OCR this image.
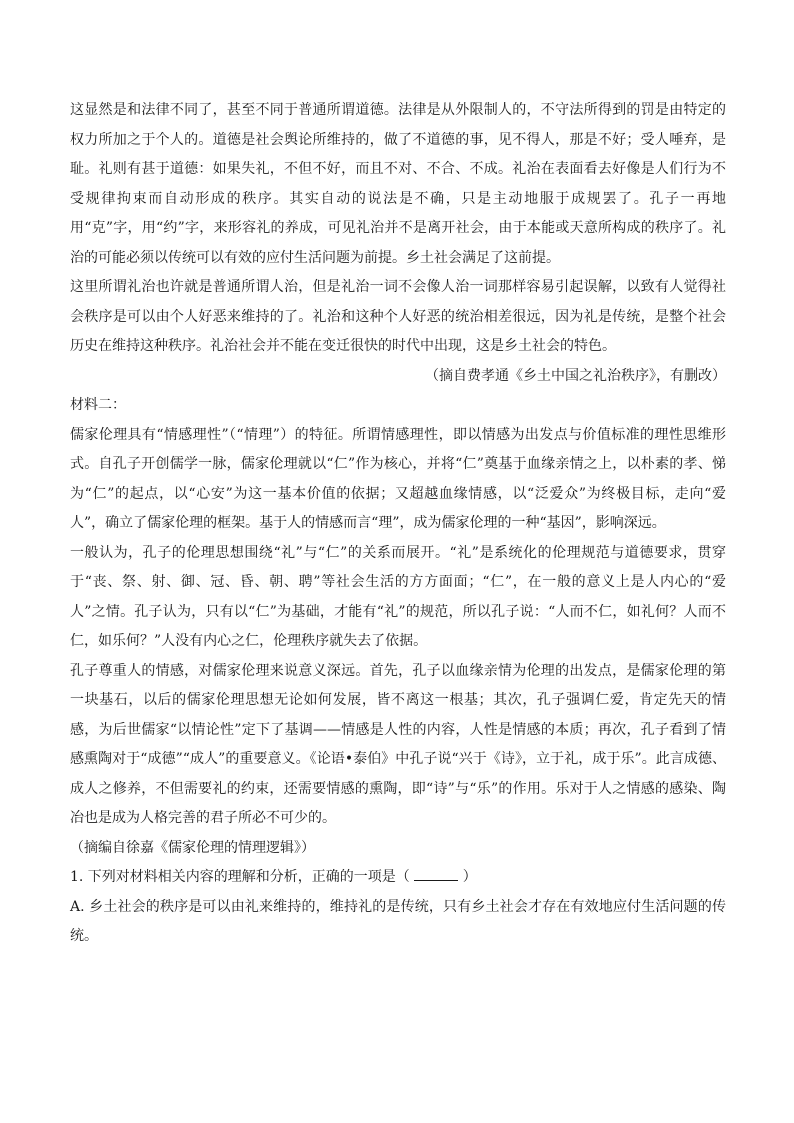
这显然是和法律不同了，甚至不同于普通所谓道德。法律是从外限制人的，不守法所得到的罚是由特定的权力所加之于个人的。道德是社会舆论所维持的，做了不道德的事，见不得人，那是不好；受人唾弃，是耻。礼则有甚于道德：如果失礼，不但不好，而且不对、不合、不成。礼治在表面看去好像是人们行为不受规律拘束而自动形成的秩序。其实自动的说法是不确，只是主动地服于成规罢了。孔子一再地用“克”字，用“约”字，来形容礼的养成，可见礼治并不是离开社会，由于本能或天意所构成的秩序了。礼治的可能必须以传统可以有效的应付生活问题为前提。乡土社会满足了这前提。

这里所谓礼治也许就是普通所谓人治，但是礼治一词不会像人治一词那样容易引起误解，以致有人觉得社会秩序是可以由个人好恶来维持的了。礼治和这种个人好恶的统治相差很远，因为礼是传统，是整个社会历史在维持这种秩序。礼治社会并不能在变迁很快的时代中出现，这是乡土社会的特色。

（摘自费孝通《乡土中国之礼治秩序》，有删改）

材料二：

儒家伦理具有“情感理性”（“情理”）的特征。所谓情感理性，即以情感为出发点与价值标准的理性思维形式。自孔子开创儒学一脉，儒家伦理就以“仁”作为核心，并将“仁”奠基于血缘亲情之上，以朴素的孝、悌为“仁”的起点，以“心安”为这一基本价值的依据；又超越血缘情感，以“泛爱众”为终极目标，走向“爱人”，确立了儒家伦理的框架。基于人的情感而言“理”，成为儒家伦理的一种“基因”，影响深远。

一般认为，孔子的伦理思想围绕“礼”与“仁”的关系而展开。“礼”是系统化的伦理规范与道德要求，贯穿于“丧、祭、射、御、冠、昏、朝、聘”等社会生活的方方面面；“仁”，在一般的意义上是人内心的“爱人”之情。孔子认为，只有以“仁”为基础，才能有“礼”的规范，所以孔子说：“人而不仁，如礼何？人而不仁，如乐何？”人没有内心之仁，伦理秩序就失去了依据。

孔子尊重人的情感，对儒家伦理来说意义深远。首先，孔子以血缘亲情为伦理的出发点，是儒家伦理的第一块基石，以后的儒家伦理思想无论如何发展，皆不离这一根基；其次，孔子强调仁爱，肯定先天的情感，为后世儒家“以情论性”定下了基调——情感是人性的内容，人性是情感的本质；再次，孔子看到了情感熏陶对于“成德”“成人”的重要意义。《论语•泰伯》中孔子说“兴于《诗》，立于礼，成于乐”。此言成德、成人之修养，不但需要礼的约束，还需要情感的熏陶，即“诗”与“乐”的作用。乐对于人之情感的感染、陶冶也是成为人格完善的君子所必不可少的。

（摘编自徐嘉《儒家伦理的情理逻辑》）

1. 下列对材料相关内容的理解和分析，正确的一项是（	）

A. 乡土社会的秩序是可以由礼来维持的，维持礼的是传统，只有乡土社会才存在有效地应付生活问题的传统。
